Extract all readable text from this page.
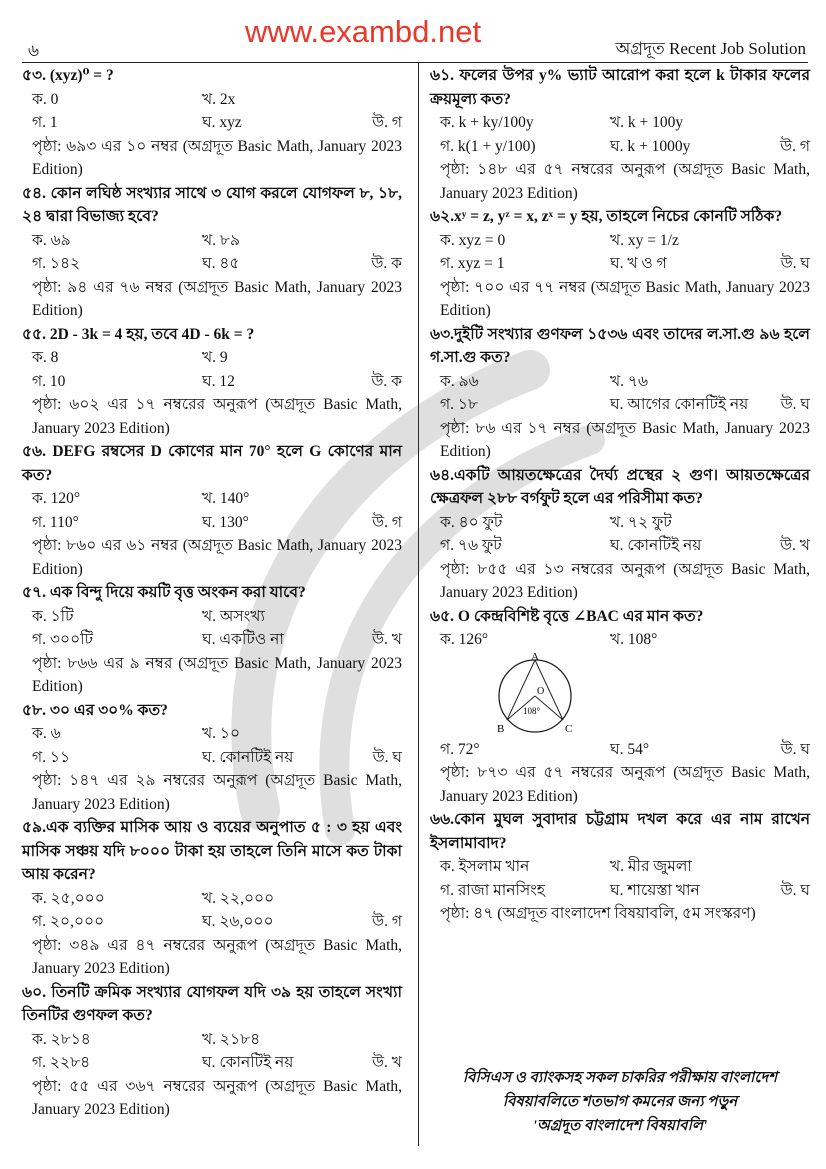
৬
www.exambd.net	অগ্রদূত Recent Job Solution
৫৩. (xyz)⁰ = ?
ক. 0	খ. 2x
গ. 1	ঘ. xyz	উ. গ
পৃষ্ঠা: ৬৯৩ এর ১০ নম্বর (অগ্রদূত Basic Math, January 2023 Edition)
৫৪. কোন লঘিষ্ঠ সংখ্যার সাথে ৩ যোগ করলে যোগফল ৮, ১৮, ২৪ দ্বারা বিভাজ্য হবে?
ক. ৬৯	খ. ৮৯
গ. ১৪২	ঘ. ৪৫	উ. ক
পৃষ্ঠা: ৯৪ এর ৭৬ নম্বর (অগ্রদূত Basic Math, January 2023 Edition)
৫৫. 2D - 3k = 4 হয়, তবে 4D - 6k = ?
ক. 8	খ. 9
গ. 10	ঘ. 12	উ. ক
পৃষ্ঠা: ৬০২ এর ১৭ নম্বরের অনুরূপ (অগ্রদূত Basic Math, January 2023 Edition)
৫৬. DEFG রম্বসের D কোণের মান 70° হলে G কোণের মান কত?
ক. 120°	খ. 140°
গ. 110°	ঘ. 130°	উ. গ
পৃষ্ঠা: ৮৬০ এর ৬১ নম্বর (অগ্রদূত Basic Math, January 2023 Edition)
৫৭. এক বিন্দু দিয়ে কয়টি বৃত্ত অংকন করা যাবে?
ক. ১টি	খ. অসংখ্য
গ. ৩০০টি	ঘ. একটিও না	উ. খ
পৃষ্ঠা: ৮৬৬ এর ৯ নম্বর (অগ্রদূত Basic Math, January 2023 Edition)
৫৮. ৩০ এর ৩০% কত?
ক. ৬	খ. ১০
গ. ১১	ঘ. কোনটিই নয়	উ. ঘ
পৃষ্ঠা: ১৪৭ এর ২৯ নম্বরের অনুরূপ (অগ্রদূত Basic Math, January 2023 Edition)
৫৯.এক ব্যক্তির মাসিক আয় ও ব্যয়ের অনুপাত ৫ : ৩ হয় এবং মাসিক সঞ্চয় যদি ৮০০০ টাকা হয় তাহলে তিনি মাসে কত টাকা আয় করেন?
ক. ২৫,০০০	খ. ২২,০০০
গ. ২০,০০০	ঘ. ২৬,০০০	উ. গ
পৃষ্ঠা: ৩৪৯ এর ৪৭ নম্বরের অনুরূপ (অগ্রদূত Basic Math, January 2023 Edition)
৬০. তিনটি ক্রমিক সংখ্যার যোগফল যদি ৩৯ হয় তাহলে সংখ্যা তিনটির গুণফল কত?
ক. ২৮১৪	খ. ২১৮৪
গ. ২২৮৪	ঘ. কোনটিই নয়	উ. খ
পৃষ্ঠা: ৫৫ এর ৩৬৭ নম্বরের অনুরূপ (অগ্রদূত Basic Math, January 2023 Edition)
৬১. ফলের উপর y% ভ্যাট আরোপ করা হলে k টাকার ফলের ক্রয়মূল্য কত?
ক. k + ky/100y	খ. k + 100y
গ. k(1 + y/100)	ঘ. k + 1000y	উ. গ
পৃষ্ঠা: ১৪৮ এর ৫৭ নম্বরের অনুরূপ (অগ্রদূত Basic Math, January 2023 Edition)
৬২.xʸ = z, yᶻ = x, zˣ = y হয়, তাহলে নিচের কোনটি সঠিক?
ক. xyz = 0	খ. xy = 1/z
গ. xyz = 1	ঘ. খ ও গ	উ. ঘ
পৃষ্ঠা: ৭০০ এর ৭৭ নম্বর (অগ্রদূত Basic Math, January 2023 Edition)
৬৩.দুইটি সংখ্যার গুণফল ১৫৩৬ এবং তাদের ল.সা.গু ৯৬ হলে গ.সা.গু কত?
ক. ৯৬	খ. ৭৬
গ. ১৮	ঘ. আগের কোনটিই নয়	উ. ঘ
পৃষ্ঠা: ৮৬ এর ১৭ নম্বর (অগ্রদূত Basic Math, January 2023 Edition)
৬৪.একটি আয়তক্ষেত্রের দৈর্ঘ্য প্রস্থের ২ গুণ। আয়তক্ষেত্রের ক্ষেত্রফল ২৮৮ বর্গফুট হলে এর পরিসীমা কত?
ক. ৪০ ফুট	খ. ৭২ ফুট
গ. ৭৬ ফুট	ঘ. কোনটিই নয়	উ. খ
পৃষ্ঠা: ৮৫৫ এর ১৩ নম্বরের অনুরূপ (অগ্রদূত Basic Math, January 2023 Edition)
৬৫. O কেন্দ্রবিশিষ্ট বৃত্তে ∠BAC এর মান কত?
ক. 126°	খ. 108°
A
B	C
O
108°
গ. 72°	ঘ. 54°	উ. ঘ
পৃষ্ঠা: ৮৭৩ এর ৫৭ নম্বরের অনুরূপ (অগ্রদূত Basic Math, January 2023 Edition)
৬৬.কোন মুঘল সুবাদার চট্টগ্রাম দখল করে এর নাম রাখেন ইসলামাবাদ?
ক. ইসলাম খান	খ. মীর জুমলা
গ. রাজা মানসিংহ	ঘ. শায়েস্তা খান	উ. ঘ
পৃষ্ঠা: ৪৭ (অগ্রদূত বাংলাদেশ বিষয়াবলি, ৫ম সংস্করণ)
বিসিএস ও ব্যাংকসহ সকল চাকরির পরীক্ষায় বাংলাদেশ
বিষয়াবলিতে শতভাগ কমনের জন্য পড়ুন
'অগ্রদূত বাংলাদেশ বিষয়াবলি'
